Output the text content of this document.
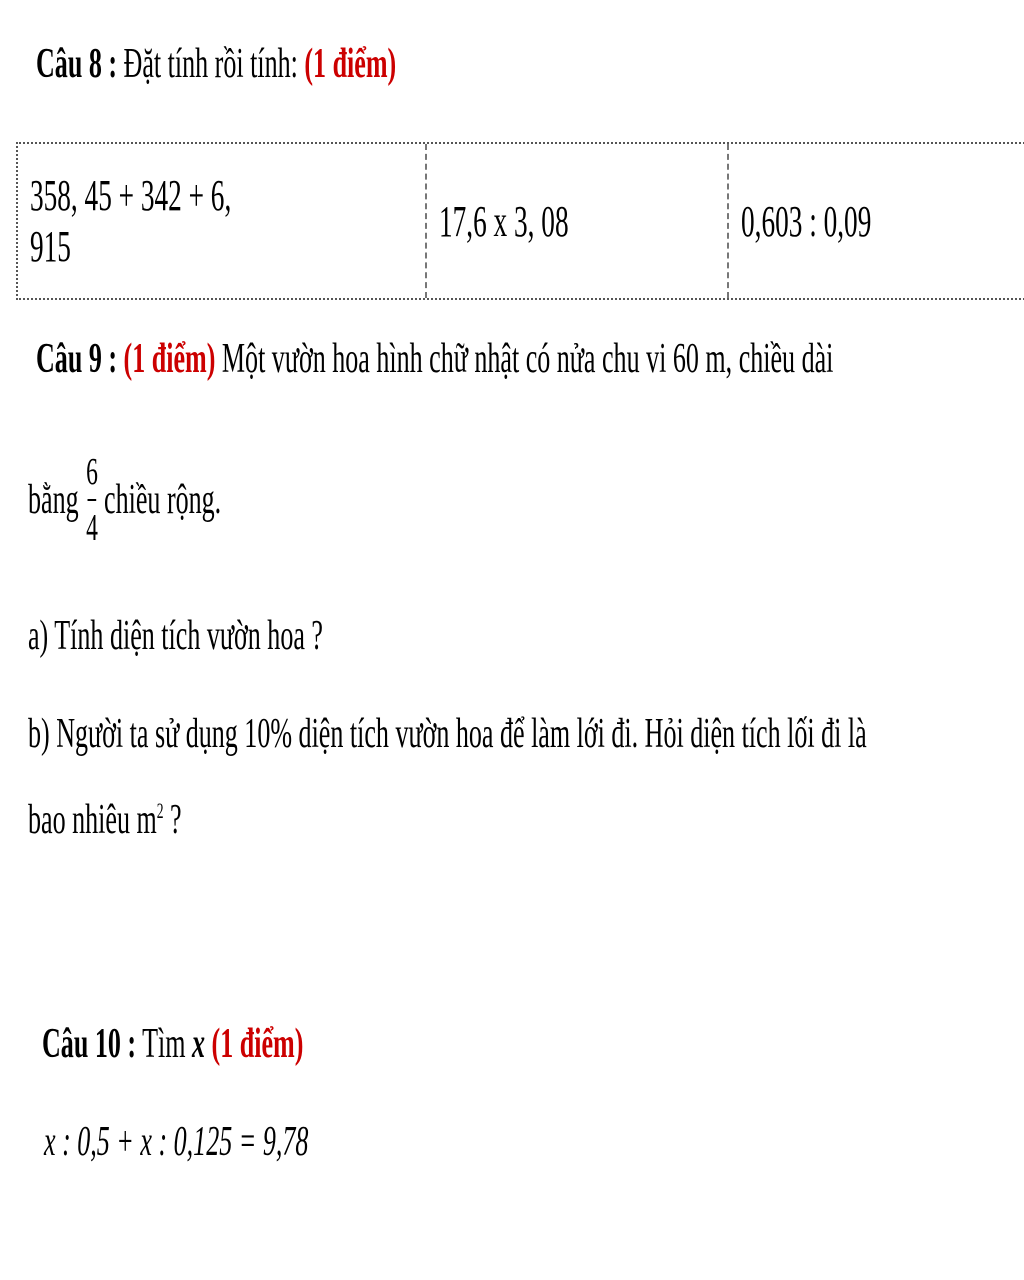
Câu 8 : Đặt tính rồi tính: (1 điểm)
358, 45 + 342 + 6, 915
17,6 x 3, 08	0,603 : 0,09
Câu 9 : (1 điểm) Một vườn hoa hình chữ nhật có nửa chu vi 60 m, chiều dài
bằng $\frac{6}{4}$ chiều rộng.
a) Tính diện tích vườn hoa ?
b) Người ta sử dụng 10% diện tích vườn hoa để làm lới đi. Hỏi diện tích lối đi là
bao nhiêu $m^2$ ?
Câu 10 : Tìm x (1 điểm)
x : 0,5 + x : 0,125 = 9,78
